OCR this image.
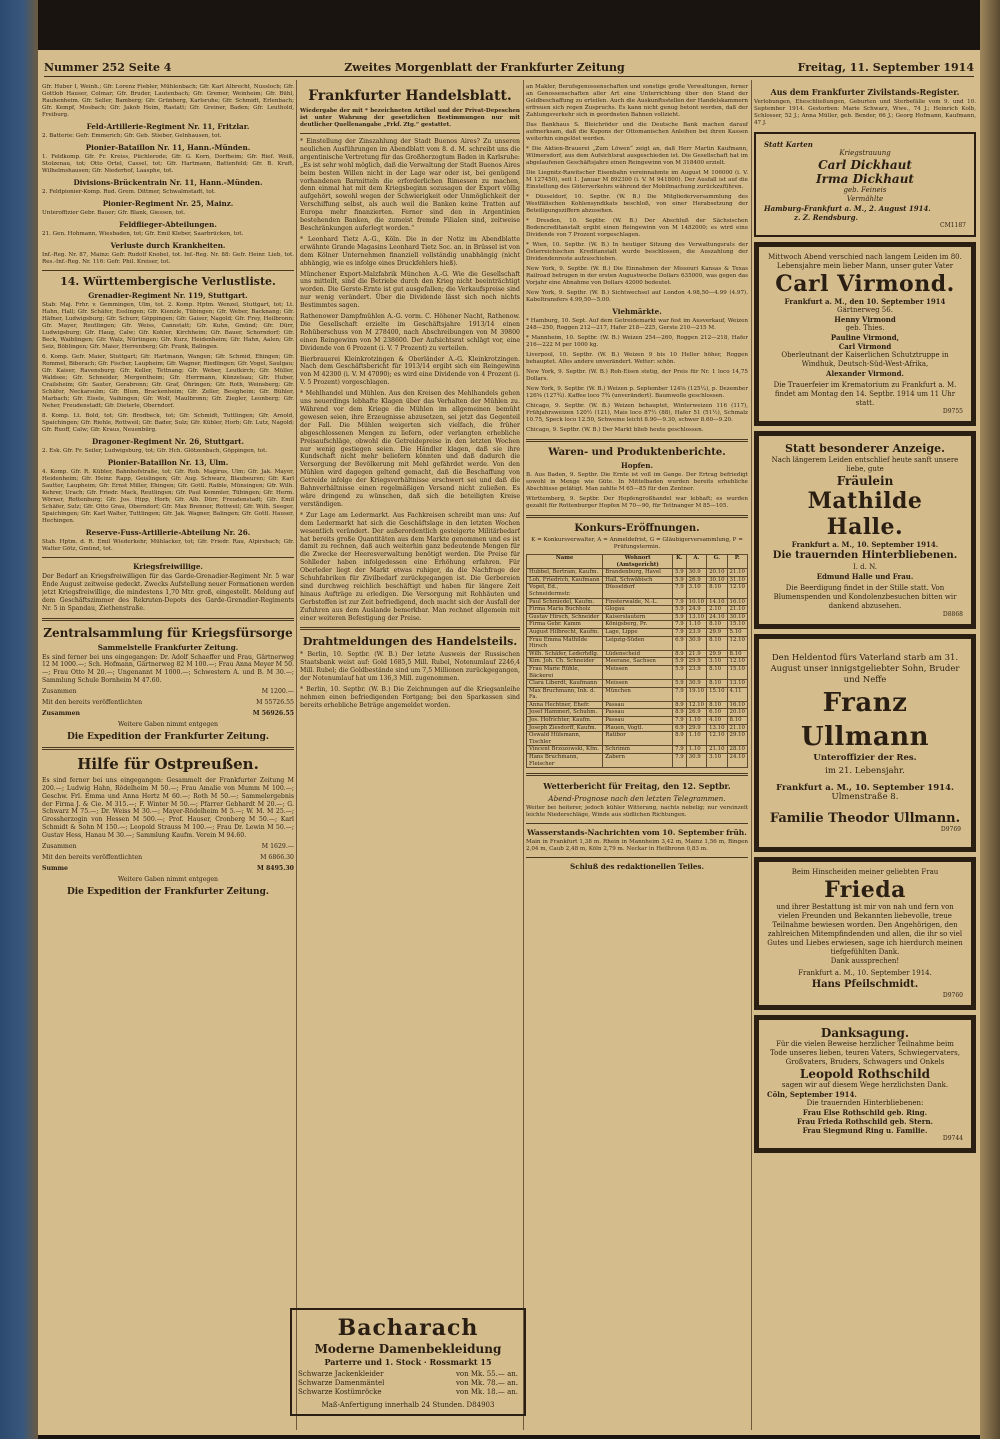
Nummer 252 Seite 4	Zweites Morgenblatt der Frankfurter Zeitung	Freitag, 11. September 1914

Gfr. Huber I, Weinh.; Gfr. Lorenz Fiebler, Mühlenbach; Gfr. Karl Albrecht, Nussloch; Gfr. Gottlob Hauser, Colmar; Gfr. Bruder, Lautenbach; Gfr. Gremer, Weinheim; Gfr. Bühl, Rauhenheim. Gfr. Seller, Bamberg; Gfr. Grünberg, Karlsruhe; Gfr. Schmidt, Erlenbach; Gfr. Kempf, Mosbach; Gfr. Jakob Heim, Rastatt; Gfr. Greiner, Baden; Gfr. Leuthold, Freiburg.

Feld-Artillerie-Regiment Nr. 11, Fritzlar.

2. Batterie: Gefr. Emmerich; Gfr. Geb. Stieber, Gelnhausen, tot.

Pionier-Bataillon Nr. 11, Hann.-Münden.

1. Feldkomp. Gfr. Fr. Kreiss, Püchlerode; Gfr. G. Korn, Dorfheim; Gfr. Rief. Weiß, Stolzenau, tot; Otto Ortel, Cassel, tot; Gfr. Hartmann, Battenfeld; Gfr. B. Kruft, Wilhelmshausen; Gfr. Niederhof, Laasphe, tot.

Divisions-Brückentrain Nr. 11, Hann.-Münden.

2. Feldpionier-Komp. Rud. Grem. Dittmer, Schwalmstadt, tot.

Pionier-Regiment Nr. 25, Mainz.

Unteroffizier Gebr. Bauer; Gfr. Blank, Giessen, tot.

Feldflieger-Abteilungen.

21. Gen. Hohmann, Wiesbaden, tot; Gfr. Emil Kleber, Saarbrücken, tot.

Verluste durch Krankheiten.

Inf.-Reg. Nr. 87, Mainz: Gefr. Rudolf Knobel, tot. Inf.-Reg. Nr. 88: Gefr. Heinr. Lieb, tot. Res.-Inf.-Reg. Nr. 116: Gefr. Phil. Kreiser, tot.

14. Württembergische Verlustliste.
Grenadier-Regiment Nr. 119, Stuttgart.

Stab: Maj. Frhr. v. Gemmingen, Ulm, tot. 2. Komp. Hptm. Wenzel, Stuttgart, tot; Lt. Hahn, Hall; Gfr. Schäfer, Esslingen; Gfr. Kienzle, Tübingen; Gfr. Weber, Backnang; Gfr. Häfner, Ludwigsburg; Gfr. Schurr, Göppingen; Gfr. Gaiser, Nagold; Gfr. Frey, Heilbronn; Gfr. Mayer, Reutlingen; Gfr. Weiss, Cannstatt; Gfr. Kuhn, Gmünd; Gfr. Dürr, Ludwigsburg; Gfr. Haug, Calw; Gfr. Kohler, Kirchheim; Gfr. Bauer, Schorndorf; Gfr. Beck, Waiblingen; Gfr. Walz, Nürtingen; Gfr. Kurz, Heidenheim; Gfr. Hahn, Aalen; Gfr. Seiz, Böblingen; Gfr. Maier, Herrenberg; Gfr. Frank, Balingen.

6. Komp. Gefr. Maier, Stuttgart; Gfr. Hartmann, Wangen; Gfr. Schmid, Ehingen; Gfr. Rommel, Biberach; Gfr. Fischer, Laupheim; Gfr. Wagner, Riedlingen; Gfr. Vogel, Saulgau; Gfr. Kaiser, Ravensburg; Gfr. Keller, Tettnang; Gfr. Weber, Leutkirch; Gfr. Müller, Waldsee; Gfr. Schneider, Mergentheim; Gfr. Herrmann, Künzelsau; Gfr. Huber, Crailsheim; Gfr. Sauter, Gerabronn; Gfr. Graf, Öhringen; Gfr. Roth, Weinsberg; Gfr. Schäfer, Neckarsulm; Gfr. Blum, Brackenheim; Gfr. Zeller, Besigheim; Gfr. Bühler, Marbach; Gfr. Eisele, Vaihingen; Gfr. Wolf, Maulbronn; Gfr. Ziegler, Leonberg; Gfr. Neher, Freudenstadt; Gfr. Dieterle, Oberndorf.

8. Komp. Lt. Bold, tot; Gfr. Brodbeck, tot; Gfr. Schmidt, Tuttlingen; Gfr. Arnold, Spaichingen; Gfr. Riehle, Rottweil; Gfr. Bader, Sulz; Gfr. Kübler, Horb; Gfr. Lutz, Nagold; Gfr. Ruoff, Calw; Gfr. Kraus, Neuenbürg.

Dragoner-Regiment Nr. 26, Stuttgart.

2. Esk. Gfr. Fr. Seiler, Ludwigsburg, tot; Gfr. Hch. Glötzenbach, Göppingen, tot.

Pionier-Bataillon Nr. 13, Ulm.

4. Komp. Gfr. R. Kübler, Bahnhofstraße, tot; Gfr. Rob. Magirus, Ulm; Gfr. Jak. Mayer, Heidenheim; Gfr. Heinr. Rapp, Geislingen; Gfr. Aug. Schwarz, Blaubeuren; Gfr. Karl Sautter, Laupheim; Gfr. Ernst Miller, Ehingen; Gfr. Gottl. Raible, Münsingen; Gfr. Wilh. Kehrer, Urach; Gfr. Friedr. Mack, Reutlingen; Gfr. Paul Kemmler, Tübingen; Gfr. Herm. Wörner, Rottenburg; Gfr. Jos. Hipp, Horb; Gfr. Alb. Dürr, Freudenstadt; Gfr. Emil Schäfer, Sulz; Gfr. Otto Grau, Oberndorf; Gfr. Max Brenner, Rottweil; Gfr. Wilh. Seeger, Spaichingen; Gfr. Karl Walter, Tuttlingen; Gfr. Jak. Wagner, Balingen; Gfr. Gottl. Hauser, Hechingen.

Reserve-Fuss-Artillerie-Abteilung Nr. 26.

Stab. Hptm. d. R. Emil Wiederkehr, Mühlacker, tot; Gfr. Friedr. Rau, Alpirsbach; Gfr. Walter Götz, Gmünd, tot.

Kriegsfreiwillige.

Der Bedarf an Kriegsfreiwilligen für das Garde-Grenadier-Regiment Nr. 5 war Ende August zeitweise gedeckt. Zwecks Aufstellung neuer Formationen werden jetzt Kriegsfreiwillige, die mindestens 1,70 Mtr. groß, eingestellt. Meldung auf dem Geschäftszimmer des Rekruten-Depots des Garde-Grenadier-Regiments Nr. 5 in Spandau, Ziethenstraße.

Zentralsammlung für Kriegsfürsorge
Sammelstelle Frankfurter Zeitung.

Es sind ferner bei uns eingegangen: Dr. Adolf Schaeffer und Frau, Gärtnerweg 12 M 1000.—; Sch. Hofmann, Gärtnerweg 82 M 100.—; Frau Anna Meyer M 50.—; Frau Otto M 20.—; Ungenannt M 1000.—; Schwestern A. und B. M 30.—; Sammlung Schule Bornheim M 47.60.

Zusammen	M 1200.—
Mit den bereits veröffentlichten	M 55726.55
Zusammen	M 56926.55

Weitere Gaben nimmt entgegen

Die Expedition der Frankfurter Zeitung.
Hilfe für Ostpreußen.

Es sind ferner bei uns eingegangen: Gesammelt der Frankfurter Zeitung M 200.—; Ludwig Hahn, Rödelheim M 50.—; Frau Amalie von Mumm M 100.—; Geschw. Frl. Emma und Anna Hertz M 60.—; Roth M 50.—; Sammelergebnis der Firma J. & Cie. M 315.—; F. Winter M 50.—; Pfarrer Gebhardt M 20.—; G. Schwarz M 75.—; Dr. Weiss M 30.—; Mayer-Rödelheim M 5.—; W. M. M 25.—; Grossherzogin von Hessen M 500.—; Prof. Hauser, Cronberg M 50.—; Karl Schmidt & Sohn M 150.—; Leopold Strauss M 100.—; Frau Dr. Lewin M 50.—; Gustav Hess, Hanau M 30.—; Sammlung Kaufm. Verein M 94.60.

Zusammen	M 1629.—
Mit den bereits veröffentlichten	M 6866.30
Summe	M 8495.30

Weitere Gaben nimmt entgegen

Die Expedition der Frankfurter Zeitung.
Frankfurter Handelsblatt.

Wiedergabe der mit * bezeichneten Artikel und der Privat-Depeschen ist unter Wahrung der gesetzlichen Bestimmungen nur mit deutlicher Quellenangabe „Frkf. Ztg.“ gestattet.

* Einstellung der Zinszahlung der Stadt Buenos Aires? Zu unseren neulichen Ausführungen im Abendblatt vom 8. d. M. schreibt uns die argentinische Vertretung für das Großherzogtum Baden in Karlsruhe: „Es ist sehr wohl möglich, daß die Verwaltung der Stadt Buenos Aires beim besten Willen nicht in der Lage war oder ist, bei genügend vorhandenen Barmitteln die erforderlichen Rimessen zu machen, denn einmal hat mit dem Kriegsbeginn sozusagen der Export völlig aufgehört, sowohl wegen der Schwierigkeit oder Unmöglichkeit der Verschiffung selbst, als auch weil die Banken keine Tratten auf Europa mehr finanzierten. Ferner sind den in Argentinien bestehenden Banken, die zumeist fremde Filialen sind, zeitweise Beschränkungen auferlegt worden.“

* Leonhard Tietz A.-G., Köln. Die in der Notiz im Abendblatte erwähnte Grande Magasins Leonhard Tietz Soc. an. in Brüssel ist von dem Kölner Unternehmen finanziell vollständig unabhängig (nicht abhängig, wie es infolge eines Druckfehlers hieß).

Münchener Export-Malzfabrik München A.-G. Wie die Gesellschaft uns mitteilt, sind die Betriebe durch den Krieg nicht beeinträchtigt worden. Die Gerste-Ernte ist gut ausgefallen; die Verkaufspreise sind nur wenig verändert. Über die Dividende lässt sich noch nichts Bestimmtes sagen.

Rathenower Dampfmühlen A.-G. vorm. C. Höhener Nacht, Rathenow. Die Gesellschaft erzielte im Geschäftsjahre 1913/14 einen Rohüberschuss von M 278400, nach Abschreibungen von M 39800 einen Reingewinn von M 238600. Der Aufsichtsrat schlägt vor, eine Dividende von 6 Prozent (i. V. 7 Prozent) zu verteilen.

Bierbrauerei Kleinkrotzingen & Oberländer A.-G. Kleinkrotzingen. Nach dem Geschäftsbericht für 1913/14 ergibt sich ein Reingewinn von M 42300 (i. V. M 47090); es wird eine Dividende von 4 Prozent (i. V. 5 Prozent) vorgeschlagen.

* Mehlhandel und Mühlen. Aus den Kreisen des Mehlhandels gehen uns neuerdings lebhafte Klagen über das Verhalten der Mühlen zu. Während vor dem Kriege die Mühlen im allgemeinen bemüht gewesen seien, ihre Erzeugnisse abzusetzen, sei jetzt das Gegenteil der Fall. Die Mühlen weigerten sich vielfach, die früher abgeschlossenen Mengen zu liefern, oder verlangten erhebliche Preisaufschläge, obwohl die Getreidepreise in den letzten Wochen nur wenig gestiegen seien. Die Händler klagen, daß sie ihre Kundschaft nicht mehr beliefern könnten und daß dadurch die Versorgung der Bevölkerung mit Mehl gefährdet werde. Von den Mühlen wird dagegen geltend gemacht, daß die Beschaffung von Getreide infolge der Kriegsverhältnisse erschwert sei und daß die Bahnverhältnisse einen regelmäßigen Versand nicht zuließen. Es wäre dringend zu wünschen, daß sich die beteiligten Kreise verständigen.

* Zur Lage am Ledermarkt. Aus Fachkreisen schreibt man uns: Auf dem Ledermarkt hat sich die Geschäftslage in den letzten Wochen wesentlich verändert. Der außerordentlich gesteigerte Militärbedarf hat bereits große Quantitäten aus dem Markte genommen und es ist damit zu rechnen, daß auch weiterhin ganz bedeutende Mengen für die Zwecke der Heeresverwaltung benötigt werden. Die Preise für Sohlleder haben infolgedessen eine Erhöhung erfahren. Für Oberleder liegt der Markt etwas ruhiger, da die Nachfrage der Schuhfabriken für Zivilbedarf zurückgegangen ist. Die Gerbereien sind durchweg reichlich beschäftigt und haben für längere Zeit hinaus Aufträge zu erledigen. Die Versorgung mit Rohhäuten und Gerbstoffen ist zur Zeit befriedigend, doch macht sich der Ausfall der Zufuhren aus dem Auslande bemerkbar. Man rechnet allgemein mit einer weiteren Befestigung der Preise.

Drahtmeldungen des Handelsteils.

* Berlin, 10. Septbr. (W. B.) Der letzte Ausweis der Russischen Staatsbank weist auf: Gold 1685,5 Mill. Rubel, Notenumlauf 2246,4 Mill. Rubel; die Goldbestände sind um 7,5 Millionen zurückgegangen, der Notenumlauf hat um 136,3 Mill. zugenommen.

* Berlin, 10. Septbr. (W. B.) Die Zeichnungen auf die Kriegsanleihe nehmen einen befriedigenden Fortgang; bei den Sparkassen sind bereits erhebliche Beträge angemeldet worden.

an Makler, Berufsgenossenschaften und sonstige große Verwaltungen, ferner an Genossenschaften aller Art eine Unterrichtung über den Stand der Geldbeschaffung zu erteilen. Auch die Auskunftsstellen der Handelskammern erfreuen sich regen Zuspruchs. Es kann nicht genug betont werden, daß der Zahlungsverkehr sich in geordneten Bahnen vollzieht.

Das Bankhaus S. Bleichröder und die Deutsche Bank machen darauf aufmerksam, daß die Kupons der Ottomanischen Anleihen bei ihren Kassen weiterhin eingelöst werden.

* Die Aktien-Brauerei „Zum Löwen“ zeigt an, daß Herr Martin Kaufmann, Wilmersdorf, aus dem Aufsichtsrat ausgeschieden ist. Die Gesellschaft hat im abgelaufenen Geschäftsjahre einen Reingewinn von M 318400 erzielt.

Die Liegnitz-Rawitscher Eisenbahn vereinnahmte im August M 106000 (i. V. M 127450), seit 1. Januar M 892300 (i. V. M 941800). Der Ausfall ist auf die Einstellung des Güterverkehrs während der Mobilmachung zurückzuführen.

* Düsseldorf, 10. Septbr. (W. B.) Die Mitgliederversammlung des Westfälischen Kohlensyndikats beschloß, von einer Herabsetzung der Beteiligungsziffern abzusehen.

* Dresden, 10. Septbr. (W. B.) Der Abschluß der Sächsischen Bodencreditanstalt ergibt einen Reingewinn von M 1482000; es wird eine Dividende von 7 Prozent vorgeschlagen.

* Wien, 10. Septbr. (W. B.) In heutiger Sitzung des Verwaltungsrats der Österreichischen Kreditanstalt wurde beschlossen, die Auszahlung der Dividendenreste aufzuschieben.

New York, 9. Septbr. (W. B.) Die Einnahmen der Missouri Kansas & Texas Railroad betrugen in der ersten Augustwoche Dollars 635000, was gegen das Vorjahr eine Abnahme von Dollars 42000 bedeutet.

New York, 9. Septbr. (W. B.) Sichtwechsel auf London 4.98,50—4.99 (4.97). Kabeltransfers 4.99,50—5.00.

Viehmärkte.

* Hamburg, 10. Sept. Auf dem Getreidemarkt war fest im Ausverkauf, Weizen 248—250, Roggen 212—217, Hafer 218—225, Gerste 210—215 M.

* Mannheim, 10. Septbr. (W. B.) Weizen 254—260, Roggen 212—218, Hafer 216—222 M per 1000 kg.

Liverpool, 10. Septbr. (W. B.) Weizen 9 bis 10 Heller höher, Roggen behauptet. Alles andere unverändert. Wetter: schön.

New York, 9. Septbr. (W. B.) Roh-Eisen stetig, der Preis für Nr. 1 loco 14,75 Dollars.

New York, 9. Septbr. (W. B.) Weizen p. September 124⅝ (125¼), p. Dezember 126⅝ (127¾). Kaffee loco 7¾ (unverändert). Baumwolle geschlossen.

Chicago, 9. Septbr. (W. B.) Weizen behauptet, Winterweizen 116 (117), Frühjahrsweizen 120½ (121), Mais loco 87½ (88), Hafer 51 (51½), Schmalz 10.75, Speck loco 12.50, Schweine leicht 8.90—9.30, schwer 8.60—9.20.

Chicago, 9. Septbr. (W. B.) Der Markt blieb heute geschlossen.

Waren- und Produktenberichte.
Hopfen.

B. Aus Baden, 9. Septbr. Die Ernte ist voll im Gange. Der Ertrag befriedigt sowohl in Menge wie Güte. In Mittelbaden wurden bereits erhebliche Abschlüsse getätigt. Man zahlte M 65—85 für den Zentner.

Württemberg, 9. Septbr. Der Hopfengroßhandel war lebhaft; es wurden gezahlt für Rottenburger Hopfen M 70—90, für Tettnanger M 85—105.

Konkurs-Eröffnungen.

K = Konkursverwalter, A = Anmeldefrist, G = Gläubigerversammlung, P = Prüfungstermin.

Name	Wohnort (Amtsgericht)	K.	A.	G.	P.
Hubbel, Bertram, Kaufm.	Brandenburg, Havel	5.9	30.9	20.10	21.10
Loh, Friedrich, Kaufmann	Hall, Schwäbisch	5.9	26.9	30.10	31.10
Vogel, Ed., Schneidermstr.	Düsseldorf	7.9	3.10	8.10	12.10
Paul Schmiedel, Kaufm.	Finsterwalde, N.-L.	7.9	10.10	14.10	16.10
Firma Maria Buchholz	Glogau	5.9	24.9	2.10	21.10
Gustav Hirsch, Schneider	Kaiserslautern	5.9	13.10	24.10	30.10
Firma Gebr. Kamm	Königsberg, Pr.	7.9	1.10	8.10	15.10
August Hilbrecht, Kaufm.	Lage, Lippe	7.9	23.9	29.9	5.10
Frau Emma Mathilde Hirsch	Leipzig-Süden	6.9	30.9	8.10	12.10
Wilh. Schäfer, Lederhdlg.	Lüdenscheid	8.9	21.9	29.9	8.10
Kim. Joh. Ch. Schneider	Meerane, Sachsen	5.9	29.9	3.10	12.10
Frau Marie Rühle, Bäckerei	Meissen	5.9	23.9	8.10	15.10
Clara Liberdt, Kaufmann	Meissen	5.9	30.9	8.10	13.10
Max Bruchmann, Inh. d. Fa.	München	7.9	19.10	15.10	4.11
Anna Hechtner, Ehefr.	Passau	8.9	12.10	8.10	16.10
Josef Hammerl, Schuhm.	Passau	8.9	26.9	6.10	20.10
Jos. Hofrichter, Kaufm.	Passau	7.9	1.10	4.10	8.10
Joseph Ziesdorff, Kaufm.	Plauen, Vogtl.	6.9	29.9	13.10	21.10
Oswald Hülsmann, Tischler	Ratibor	8.9	1.10	12.10	29.10
Vincent Brzozowski, Kfm.	Schrimm	7.9	1.10	21.10	28.10
Hans Bruchmann, Fleischer	Zabern	7.9	30.9	3.10	24.10
Wetterbericht für Freitag, den 12. Septbr.
Abend-Prognose nach den letzten Telegrammen.

Weiter bei heiterer, jedoch kühler Witterung, nachts nebelig; nur vereinzelt leichte Niederschläge, Winde aus südlichen Richtungen.

Wasserstands-Nachrichten vom 10. September früh.

Main in Frankfurt 1,38 m. Rhein in Mannheim 3,42 m, Mainz 1,56 m, Bingen 2,04 m, Caub 2,48 m, Köln 2,79 m. Neckar in Heilbronn 0,83 m.

Schluß des redaktionellen Teiles.
Bacharach
Moderne Damenbekleidung
Parterre und 1. Stock · Rossmarkt 15
Schwarze Jackenkleider	von Mk. 55.— an.
Schwarze Damenmäntel	von Mk. 78.— an.
Schwarze Kostümröcke	von Mk. 18.— an.
Maß-Anfertigung innerhalb 24 Stunden. D84903
Aus dem Frankfurter Zivilstands-Register.

Verlobungen, Eheschließungen, Geburten und Sterbefälle vom 9. und 10. September 1914. Gestorben: Marie Schwarz, Wwe., 74 J.; Heinrich Kolb, Schlosser, 52 J.; Anna Müller, geb. Bender, 66 J.; Georg Hofmann, Kaufmann, 47 J.

Statt Karten
Kriegstrauung
Carl Dickhaut
Irma Dickhaut
geb. Feineis
Vermählte
Hamburg-Frankfurt a. M., 2. August 1914.
z. Z. Rendsburg.
CM1187
Mittwoch Abend verschied nach langem Leiden im 80. Lebensjahre mein lieber Mann, unser guter Vater
Carl Virmond.
Frankfurt a. M., den 10. September 1914
Gärtnerweg 56.
Henny Virmond
geb. Thies.
Pauline Virmond,
Carl Virmond
Oberleutnant der Kaiserlichen Schutztruppe in Windhuk, Deutsch-Süd-West-Afrika,
Alexander Virmond.
Die Trauerfeier im Krematorium zu Frankfurt a. M. findet am Montag den 14. Septbr. 1914 um 11 Uhr statt.
D9755
Statt besonderer Anzeige.
Nach längerem Leiden entschlief heute sanft unsere liebe, gute
Fräulein
Mathilde Halle.
Frankfurt a. M., 10. September 1914.
Die trauernden Hinterbliebenen.
I. d. N.
Edmund Halle und Frau.
Die Beerdigung findet in der Stille statt. Von Blumenspenden und Kondolenzbesuchen bitten wir dankend abzusehen.
D8868
Den Heldentod fürs Vaterland starb am 31. August unser innigstgeliebter Sohn, Bruder und Neffe
Franz Ullmann
Unteroffizier der Res.
im 21. Lebensjahr.
Frankfurt a. M., 10. September 1914.
Ulmenstraße 8.
Familie Theodor Ullmann.
D9769
Beim Hinscheiden meiner geliebten Frau
Frieda
und ihrer Bestattung ist mir von nah und fern von vielen Freunden und Bekannten liebevolle, treue Teilnahme bewiesen worden. Den Angehörigen, den zahlreichen Mitempfindenden und allen, die ihr so viel Gutes und Liebes erwiesen, sage ich hierdurch meinen tiefgefühlten Dank.
Dank aussprechen!
Frankfurt a. M., 10. September 1914.
Hans Pfeilschmidt.
D9760
Danksagung.
Für die vielen Beweise herzlicher Teilnahme beim Tode unseres lieben, teuren Vaters, Schwiegervaters, Großvaters, Bruders, Schwagers und Onkels
Leopold Rothschild
sagen wir auf diesem Wege herzlichsten Dank.
Cöln, September 1914.
Die trauernden Hinterbliebenen:
Frau Else Rothschild geb. Ring.
Frau Frieda Rothschild geb. Stern.
Frau Siegmund Ring u. Familie.
D9744
